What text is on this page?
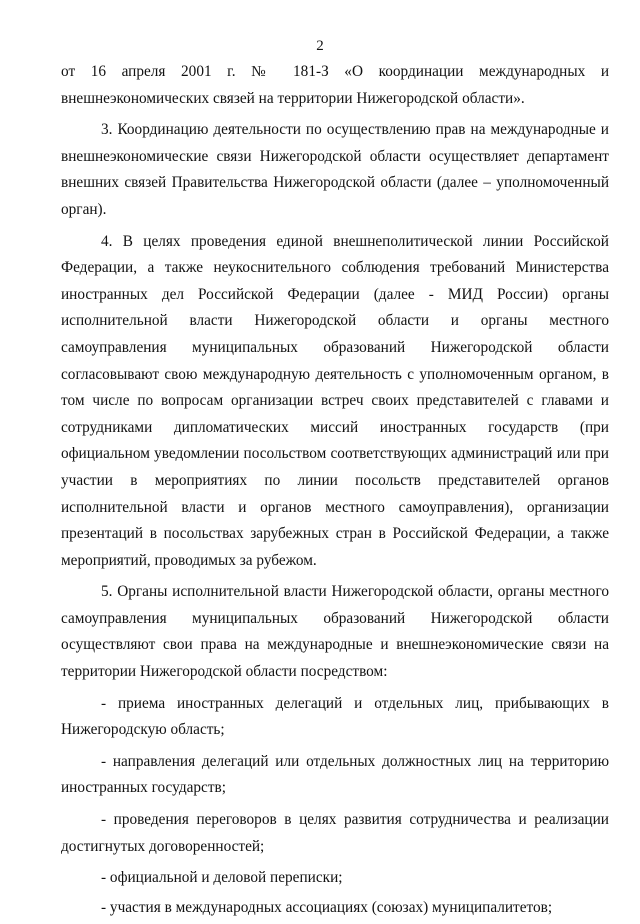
2

от 16 апреля 2001 г. № 181-З «О координации международных и внешнеэкономических связей на территории Нижегородской области».

3. Координацию деятельности по осуществлению прав на международные и внешнеэкономические связи Нижегородской области осуществляет департамент внешних связей Правительства Нижегородской области (далее – уполномоченный орган).

4. В целях проведения единой внешнеполитической линии Российской Федерации, а также неукоснительного соблюдения требований Министерства иностранных дел Российской Федерации (далее - МИД России) органы исполнительной власти Нижегородской области и органы местного самоуправления муниципальных образований Нижегородской области согласовывают свою международную деятельность с уполномоченным органом, в том числе по вопросам организации встреч своих представителей с главами и сотрудниками дипломатических миссий иностранных государств (при официальном уведомлении посольством соответствующих администраций или при участии в мероприятиях по линии посольств представителей органов исполнительной власти и органов местного самоуправления), организации презентаций в посольствах зарубежных стран в Российской Федерации, а также мероприятий, проводимых за рубежом.

5. Органы исполнительной власти Нижегородской области, органы местного самоуправления муниципальных образований Нижегородской области осуществляют свои права на международные и внешнеэкономические связи на территории Нижегородской области посредством:

- приема иностранных делегаций и отдельных лиц, прибывающих в Нижегородскую область;

- направления делегаций или отдельных должностных лиц на территорию иностранных государств;

- проведения переговоров в целях развития сотрудничества и реализации достигнутых договоренностей;

- официальной и деловой переписки;

- участия в международных ассоциациях (союзах) муниципалитетов;
